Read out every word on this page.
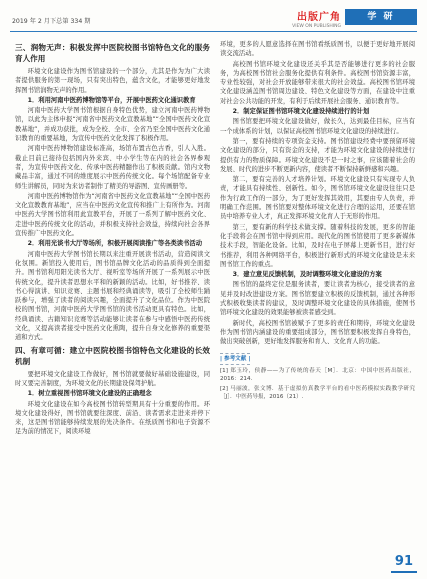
2019 年 2 月下总第 334 期	出版广角
VIEW ON PUBLISHING
学 研
三、润物无声：积极发挥中医院校图书馆特色文化的服务育人作用
环境文化建设作为图书馆建设的一个部分，尤其是作为为广大读者提供服务的第一现场，只有突出特色，蕴含文化，才能够更好地发挥图书馆润物无声的作用。
1．利用河南中医药博物馆等平台，开展中医药文化通识教育
河南中医药大学图书馆根据自身特色优势，建立河南中医药博物馆，以此为主体申报“河南省中医药文化宣教基地”“全国中医药文化宣教基地”，并成功获批，成为全校、全市、全省乃至全国中医药文化通识教育的重要基地，为宣传中医药文化发挥了积极作用。
河南中医药博物馆建设标准高，场馆布置古色古香，引人入胜。截止目前已接待包括国内外来宾、中小学生等在内的社会各界参观者，为宣传中医药文化、传承中医药精髓作出了积极贡献。馆内文物藏品丰富，通过不同的维度展示中医药传统文化。每个场馆配备专业师生讲解员，同时为来访者制作了精美的导游图、宣传画册等。
河南中医药博物馆作为“河南省中医药文化宣教基地”“全国中医药文化宣教教育基地”，应当在中医药文化宣传和推广上有所作为。河南中医药大学图书馆利用此宣教平台，开展了一系列了解中医药文化、走进中医药传统文化的活动，并积极支持社会效益，持续向社会各界宣传推广中医药文化。
2．利用光谈书大厅等场所，积极开展阅读推广等各类读书活动
河南中医药大学图书馆长期以来注重开展读书活动，营造阅读文化氛围。新馆投入使用后，图书馆品牌文化活动的品质得到全面提升。图书馆利用阳光读书大厅、视听室等场所开展了一系列展示中医传统文化，提升读者思想水平和的新颖的活动。比如，好书推荐、读书心得演讲、知识竞赛、主题书展和经典诵读等，吸引了全校师生踊跃参与，增强了读者的阅读兴趣，全面提升了文化品位。作为中医院校的图书馆，河南中医药大学图书馆的读书活动更具有特色。比如，经典诵读、古籍知识竞赛等活动能够让读者在参与中感悟中医药传统文化，又提高读者接受中医药文化熏陶，提升自身文化修养的重要渠道和方式。
四、有章可循：建立中医院校图书馆特色文化建设的长效机制
要把环境文化建设工作做好，图书馆就要做好基础设施建设，同时又要完善制度，为环境文化的长期建设保驾护航。
1．树立重视图书馆环境文化建设的正确理念
环境文化建设在如今高校图书馆转型期具有十分重要的作用。环境文化建设得好，图书馆就要往深度、前沿、读者需求走进来并停下来，这是图书馆能够持续发展的先决条件。在纸质图书和电子资源不足为前的情况下，阅读环境
环境，更多的人愿意选择在图书馆看纸质图书，以便于更好地开展阅读交流活动。
高校图书馆环境文化建设还关乎其是否能够进行更多的社会服务，为高校图书馆社会服务化提供有利条件。高校图书馆资源丰富，专业性较强，对社会开放能够带来很大的社会效益。高校图书馆环境文化建设涵盖图书馆周边建设、特色文化建设等方面，在建设中注重对社会公共功能的开发，有利于后续开展社会服务、通识教育等。
2．制定保证图书馆环境文化建设持续进行的计划
图书馆要把环境文化建设做好，做长久，达到最佳目标，应当有一个成体系的计划，以保证高校图书馆环境文化建设的持续进行。
第一，要有持续的专项资金支持。图书馆建设经费中要预留环境文化建设的部分，只有资金的支持，才能为环境文化建设的持续进行提供有力的物质保障。环境文化建设不是一时之事，应该随着社会的发展、时代的进步不断更新内容，使读者不断保持新鲜感和兴趣。
第二，要有完善的人才培养计划。环境文化建设只有实现专人负责，才能具有持续性、创新性。如今，图书馆环境文化建设往往只是作为行政工作的一部分，为了更好发挥其效用，其要由专人负责，并明确工作范围。图书馆要对整体环境文化进行合理的运用，还要在馆员中培养专业人才，真正发挥环境文化育人于无形的作用。
第三，要有新的科学技术做支撑。随着科技的发展，更多的智能化手段将会在图书馆中得到应用。现代化的图书馆使用了更多新媒体技术手段，智能化设备。比如，及时在电子屏幕上更新书目，进行好书推荐，利用各种网络平台，积极进行新形式的环境文化建设是未来图书馆工作的重点。
3．建立意见反馈机制，及时调整环境文化建设的方案
图书馆的最终定位是服务读者，要让读者为核心，接受读者的意见并及时改进建设方案。图书馆要建立积极的反馈机制，通过各种形式积极收集读者的建议，及时调整环境文化建设的具体措施，使图书馆环境文化建设的效果能够被读者感受到。
新时代，高校图书馆被赋予了更多的责任和期待，环境文化建设作为图书馆内涵建设的重要组成部分，图书馆要积极发挥自身特色，做出突破创新，更好地发挥服务和育人、文化育人的功能。
| 参考文献 |
[1] 郑玉玲，侯静——为了传统的春天［M］．北京：中国中医药出版社，2016：214.
[2] 马丽波，张文博．基于虚拟仿真教学平台的看中医药模拟实践教学研究［J］．中医药导报，2016（21）.
91
